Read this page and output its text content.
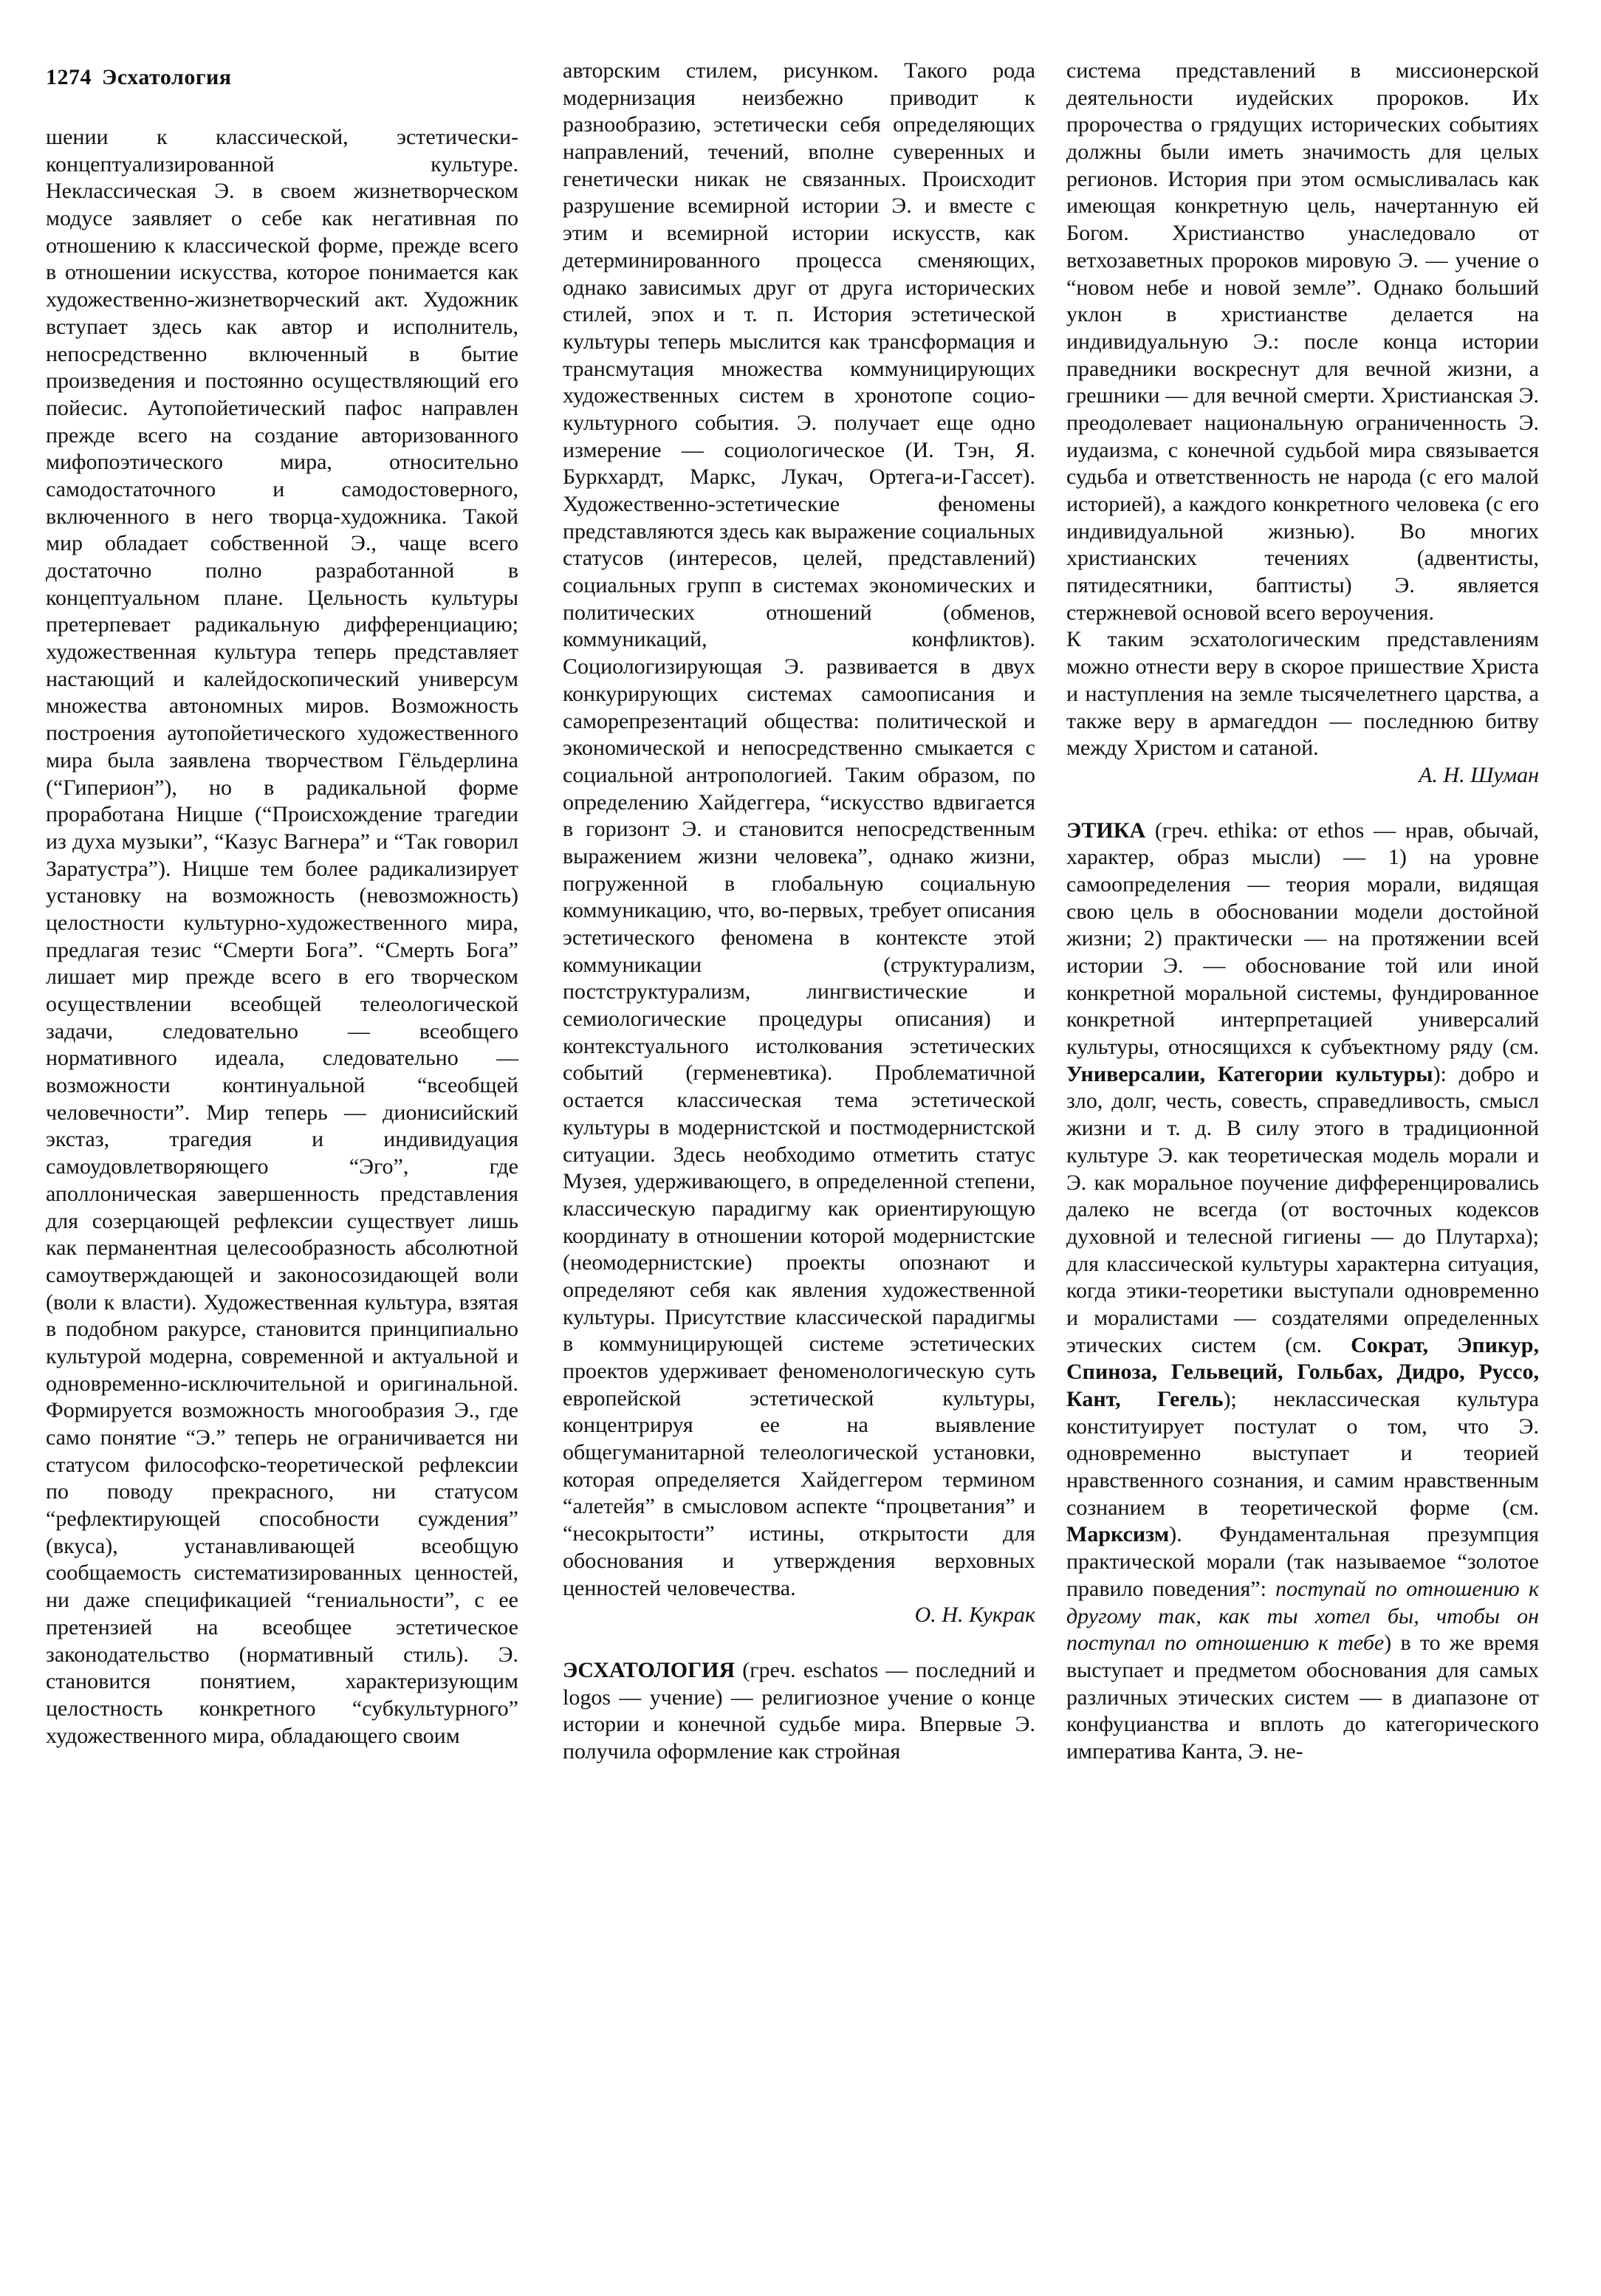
1274 Эсхатология

шении к классической, эстетически-концептуализированной культуре. Неклассическая Э. в своем жизнетворческом модусе заявляет о себе как негативная по отношению к классической форме, прежде всего в отношении искусства, которое понимается как художественно-жизнетворческий акт. Художник вступает здесь как автор и исполнитель, непосредственно включенный в бытие произведения и постоянно осуществляющий его пойесис. Аутопойетический пафос направлен прежде всего на создание авторизованного мифопоэтического мира, относительно самодостаточного и самодостоверного, включенного в него творца-художника. Такой мир обладает собственной Э., чаще всего достаточно полно разработанной в концептуальном плане. Цельность культуры претерпевает радикальную дифференциацию; художественная культура теперь представляет настающий и калейдоскопический универсум множества автономных миров. Возможность построения аутопойетического художественного мира была заявлена творчеством Гёльдерлина (“Гиперион”), но в радикальной форме проработана Ницше (“Происхождение трагедии из духа музыки”, “Казус Вагнера” и “Так говорил Заратустра”). Ницше тем более радикализирует установку на возможность (невозможность) целостности культурно-художественного мира, предлагая тезис “Смерти Бога”. “Смерть Бога” лишает мир прежде всего в его творческом осуществлении всеобщей телеологической задачи, следовательно — всеобщего нормативного идеала, следовательно — возможности континуальной “всеобщей человечности”. Мир теперь — дионисийский экстаз, трагедия и индивидуация самоудовлетворяющего “Эго”, где аполлоническая завершенность представления для созерцающей рефлексии существует лишь как перманентная целесообразность абсолютной самоутверждающей и законосозидающей воли (воли к власти). Художественная культура, взятая в подобном ракурсе, становится принципиально культурой модерна, современной и актуальной и одновременно-исключительной и оригинальной. Формируется возможность многообразия Э., где само понятие “Э.” теперь не ограничивается ни статусом философско-теоретической рефлексии по поводу прекрасного, ни статусом “рефлектирующей способности суждения” (вкуса), устанавливающей всеобщую сообщаемость систематизированных ценностей, ни даже спецификацией “гениальности”, с ее претензией на всеобщее эстетическое законодательство (нормативный стиль). Э. становится понятием, характеризующим целостность конкретного “субкультурного” художественного мира, обладающего своим

авторским стилем, рисунком. Такого рода модернизация неизбежно приводит к разнообразию, эстетически себя определяющих направлений, течений, вполне суверенных и генетически никак не связанных. Происходит разрушение всемирной истории Э. и вместе с этим и всемирной истории искусств, как детерминированного процесса сменяющих, однако зависимых друг от друга исторических стилей, эпох и т. п. История эстетической культуры теперь мыслится как трансформация и трансмутация множества коммуницирующих художественных систем в хронотопе социо-культурного события. Э. получает еще одно измерение — социологическое (И. Тэн, Я. Буркхардт, Маркс, Лукач, Ортега-и-Гассет). Художественно-эстетические феномены представляются здесь как выражение социальных статусов (интересов, целей, представлений) социальных групп в системах экономических и политических отношений (обменов, коммуникаций, конфликтов). Социологизирующая Э. развивается в двух конкурирующих системах самоописания и саморепрезентаций общества: политической и экономической и непосредственно смыкается с социальной антропологией. Таким образом, по определению Хайдеггера, “искусство вдвигается в горизонт Э. и становится непосредственным выражением жизни человека”, однако жизни, погруженной в глобальную социальную коммуникацию, что, во-первых, требует описания эстетического феномена в контексте этой коммуникации (структурализм, постструктурализм, лингвистические и семиологические процедуры описания) и контекстуального истолкования эстетических событий (герменевтика). Проблематичной остается классическая тема эстетической культуры в модернистской и постмодернистской ситуации. Здесь необходимо отметить статус Музея, удерживающего, в определенной степени, классическую парадигму как ориентирующую координату в отношении которой модернистские (неомодернистские) проекты опознают и определяют себя как явления художественной культуры. Присутствие классической парадигмы в коммуницирующей системе эстетических проектов удерживает феноменологическую суть европейской эстетической культуры, концентрируя ее на выявление общегуманитарной телеологической установки, которая определяется Хайдеггером термином “алетейя” в смысловом аспекте “процветания” и “несокрытости” истины, открытости для обоснования и утверждения верховных ценностей человечества.

О. Н. Кукрак

ЭСХАТОЛОГИЯ (греч. eschatos — последний и logos — учение) — религиозное учение о конце истории и конечной судьбе мира. Впервые Э. получила оформление как стройная

система представлений в миссионерской деятельности иудейских пророков. Их пророчества о грядущих исторических событиях должны были иметь значимость для целых регионов. История при этом осмысливалась как имеющая конкретную цель, начертанную ей Богом. Христианство унаследовало от ветхозаветных пророков мировую Э. — учение о “новом небе и новой земле”. Однако больший уклон в христианстве делается на индивидуальную Э.: после конца истории праведники воскреснут для вечной жизни, а грешники — для вечной смерти. Христианская Э. преодолевает национальную ограниченность Э. иудаизма, с конечной судьбой мира связывается судьба и ответственность не народа (с его малой историей), а каждого конкретного человека (с его индивидуальной жизнью). Во многих христианских течениях (адвентисты, пятидесятники, баптисты) Э. является стержневой основой всего вероучения.

К таким эсхатологическим представлениям можно отнести веру в скорое пришествие Христа и наступления на земле тысячелетнего царства, а также веру в армагеддон — последнюю битву между Христом и сатаной.

А. Н. Шуман

ЭТИКА (греч. ethika: от ethos — нрав, обычай, характер, образ мысли) — 1) на уровне самоопределения — теория морали, видящая свою цель в обосновании модели достойной жизни; 2) практически — на протяжении всей истории Э. — обоснование той или иной конкретной моральной системы, фундированное конкретной интерпретацией универсалий культуры, относящихся к субъектному ряду (см. Универсалии, Категории культуры): добро и зло, долг, честь, совесть, справедливость, смысл жизни и т. д. В силу этого в традиционной культуре Э. как теоретическая модель морали и Э. как моральное поучение дифференцировались далеко не всегда (от восточных кодексов духовной и телесной гигиены — до Плутарха); для классической культуры характерна ситуация, когда этики-теоретики выступали одновременно и моралистами — создателями определенных этических систем (см. Сократ, Эпикур, Спиноза, Гельвеций, Гольбах, Дидро, Руссо, Кант, Гегель); неклассическая культура конституирует постулат о том, что Э. одновременно выступает и теорией нравственного сознания, и самим нравственным сознанием в теоретической форме (см. Марксизм). Фундаментальная презумпция практической морали (так называемое “золотое правило поведения”: поступай по отношению к другому так, как ты хотел бы, чтобы он поступал по отношению к тебе) в то же время выступает и предметом обоснования для самых различных этических систем — в диапазоне от конфуцианства и вплоть до категорического императива Канта, Э. не-
